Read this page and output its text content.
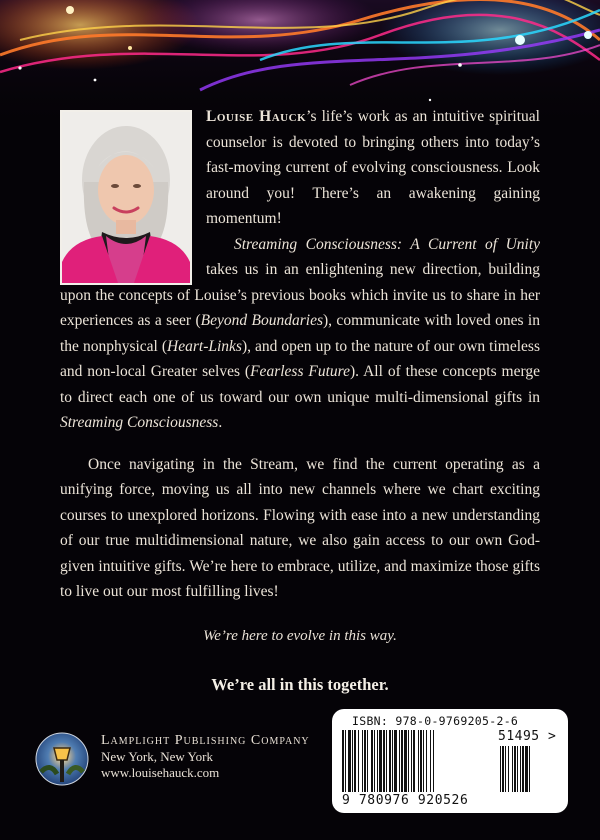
Louise Hauck’s life’s work as an intuitive spiritual counselor is devoted to bringing others into today’s fast-moving current of evolving consciousness. Look around you! There’s an awakening gaining momentum!

Streaming Consciousness: A Current of Unity takes us in an enlightening new direction, building upon the concepts of Louise’s previous books which invite us to share in her experiences as a seer (Beyond Boundaries), communicate with loved ones in the nonphysical (Heart-Links), and open up to the nature of our own timeless and non-local Greater selves (Fearless Future). All of these concepts merge to direct each one of us toward our own unique multi-dimensional gifts in Streaming Consciousness.

Once navigating in the Stream, we find the current operating as a unifying force, moving us all into new channels where we chart exciting courses to unexplored horizons. Flowing with ease into a new understanding of our true multidimensional nature, we also gain access to our own God-given intuitive gifts. We’re here to embrace, utilize, and maximize those gifts to live out our most fulfilling lives!

We’re here to evolve in this way.
We’re all in this together.
Lamplight Publishing Company
New York, New York
www.louisehauck.com
ISBN: 978-0-9769205-2-6
9 780976 920526
51495 >
